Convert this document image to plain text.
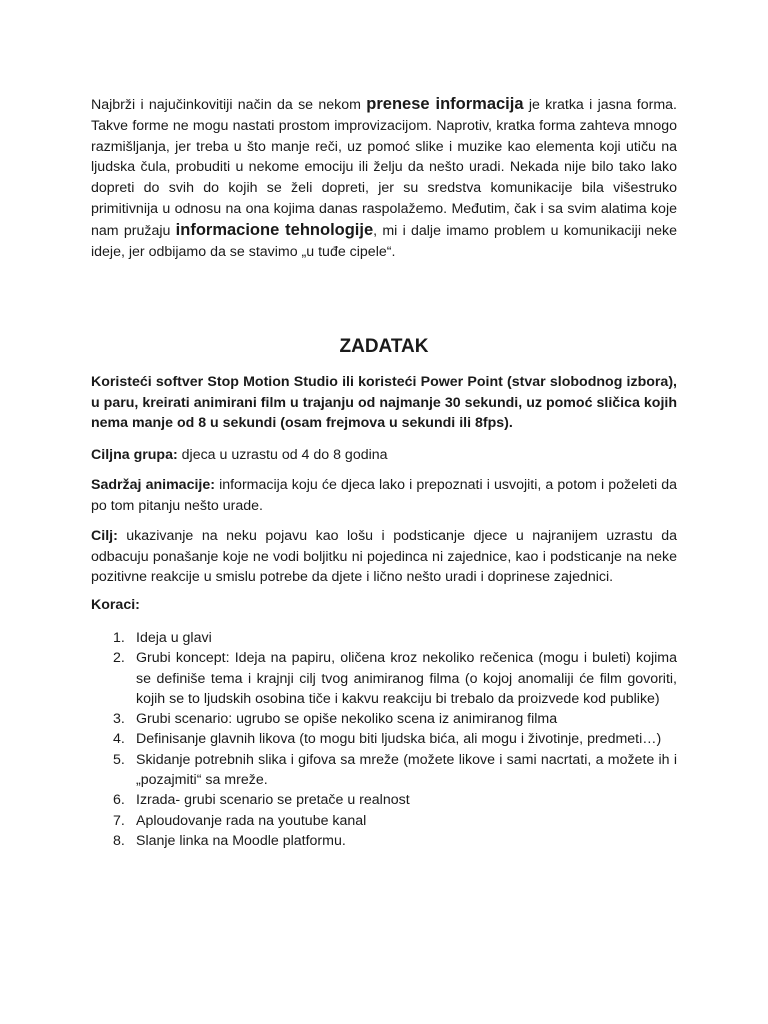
Najbrži i najučinkovitiji način da se nekom prenese informacija je kratka i jasna forma. Takve forme ne mogu nastati prostom improvizacijom. Naprotiv, kratka forma zahteva mnogo razmišljanja, jer treba u što manje reči, uz pomoć slike i muzike kao elementa koji utiču na ljudska čula, probuditi u nekome emociju ili želju da nešto uradi. Nekada nije bilo tako lako dopreti do svih do kojih se želi dopreti, jer su sredstva komunikacije bila višestruko primitivnija u odnosu na ona kojima danas raspolažemo. Međutim, čak i sa svim alatima koje nam pružaju informacione tehnologije, mi i dalje imamo problem u komunikaciji neke ideje, jer odbijamo da se stavimo „u tuđe cipele“.

ZADATAK

Koristeći softver Stop Motion Studio ili koristeći Power Point (stvar slobodnog izbora), u paru, kreirati animirani film u trajanju od najmanje 30 sekundi, uz pomoć sličica kojih nema manje od 8 u sekundi (osam frejmova u sekundi ili 8fps).

Ciljna grupa: djeca u uzrastu od 4 do 8 godina

Sadržaj animacije: informacija koju će djeca lako i prepoznati i usvojiti, a potom i poželeti da po tom pitanju nešto urade.

Cilj: ukazivanje na neku pojavu kao lošu i podsticanje djece u najranijem uzrastu da odbacuju ponašanje koje ne vodi boljitku ni pojedinca ni zajednice, kao i podsticanje na neke pozitivne reakcije u smislu potrebe da djete i lično nešto uradi i doprinese zajednici.

Koraci:

1. Ideja u glavi
2. Grubi koncept: Ideja na papiru, oličena kroz nekoliko rečenica (mogu i buleti) kojima se definiše tema i krajnji cilj tvog animiranog filma (o kojoj anomaliji će film govoriti, kojih se to ljudskih osobina tiče i kakvu reakciju bi trebalo da proizvede kod publike)
3. Grubi scenario: ugrubo se opiše nekoliko scena iz animiranog filma
4. Definisanje glavnih likova (to mogu biti ljudska bića, ali mogu i životinje, predmeti…)
5. Skidanje potrebnih slika i gifova sa mreže (možete likove i sami nacrtati, a možete ih i „pozajmiti“ sa mreže.
6. Izrada- grubi scenario se pretače u realnost
7. Aploudovanje rada na youtube kanal
8. Slanje linka na Moodle platformu.
